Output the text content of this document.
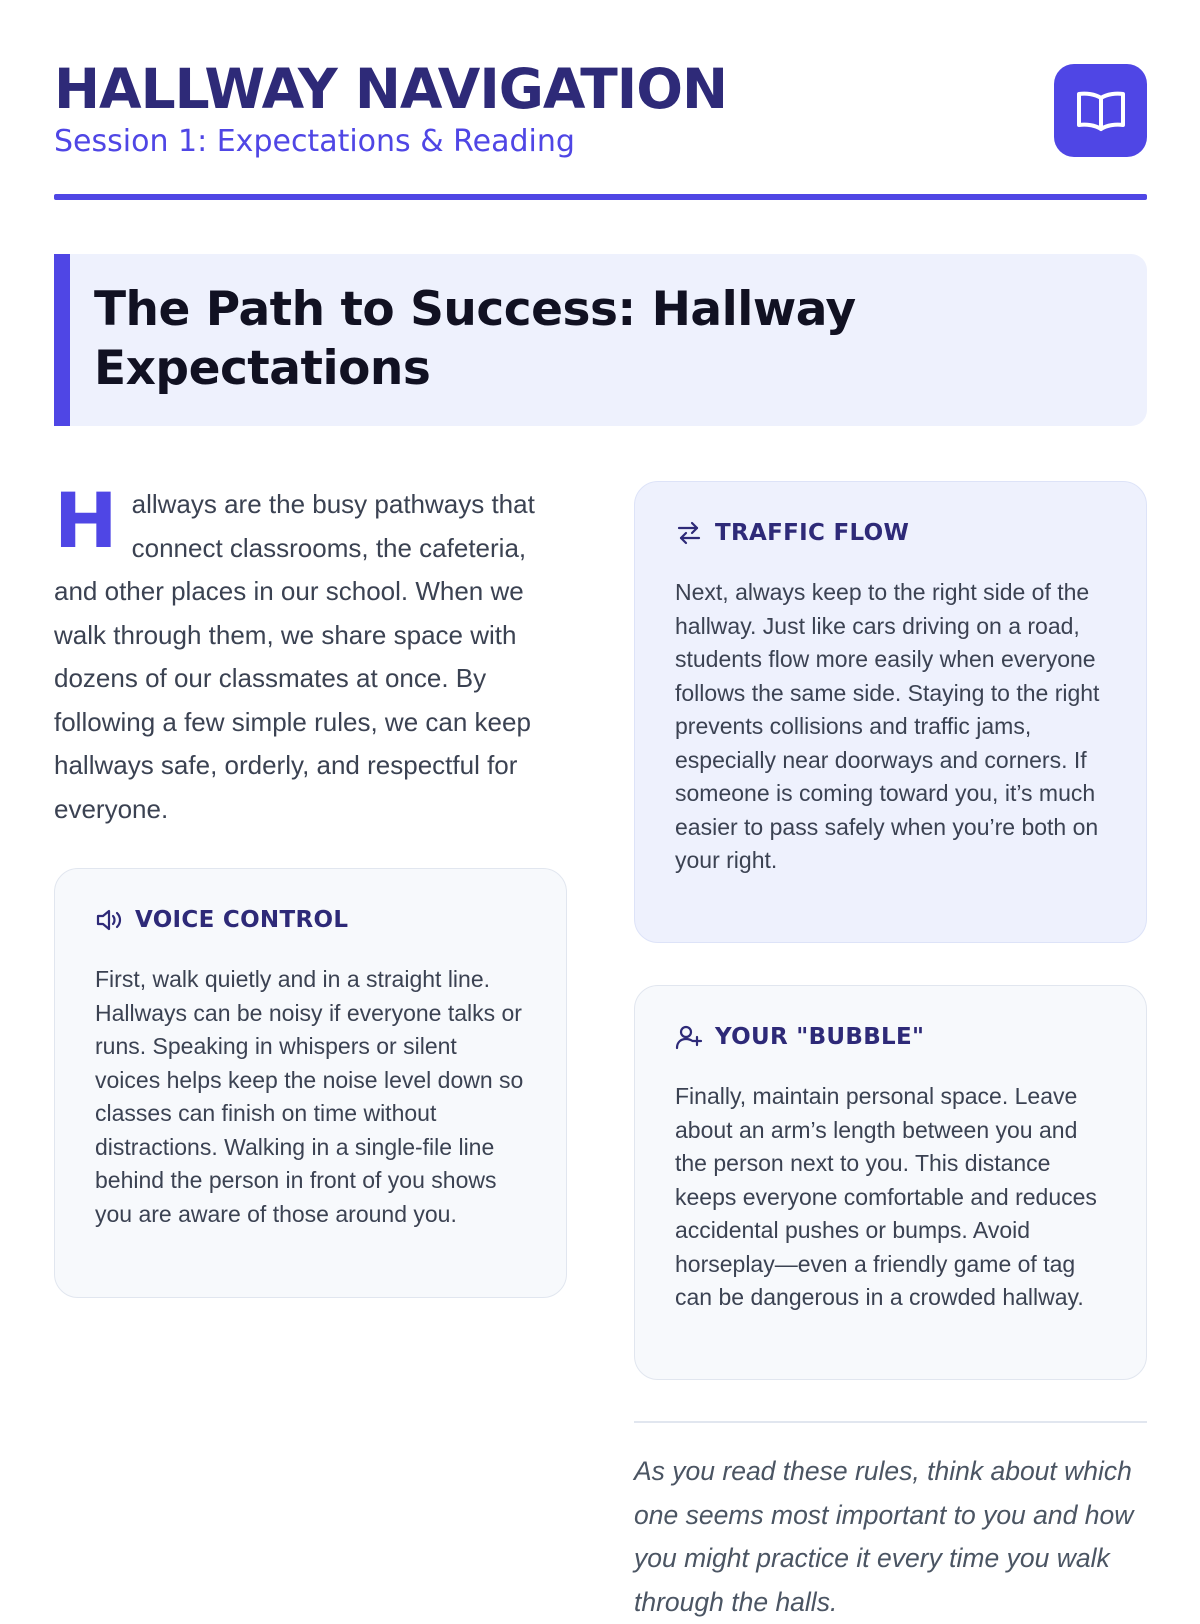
HALLWAY NAVIGATION
Session 1: Expectations & Reading
The Path to Success: Hallway Expectations
H allways are the busy pathways that connect classrooms, the cafeteria, and other places in our school. When we walk through them, we share space with dozens of our classmates at once. By following a few simple rules, we can keep hallways safe, orderly, and respectful for everyone.
VOICE CONTROL
First, walk quietly and in a straight line. Hallways can be noisy if everyone talks or runs. Speaking in whispers or silent voices helps keep the noise level down so classes can finish on time without distractions. Walking in a single-file line behind the person in front of you shows you are aware of those around you.
TRAFFIC FLOW
Next, always keep to the right side of the hallway. Just like cars driving on a road, students flow more easily when everyone follows the same side. Staying to the right prevents collisions and traffic jams, especially near doorways and corners. If someone is coming toward you, it’s much easier to pass safely when you’re both on your right.
YOUR "BUBBLE"
Finally, maintain personal space. Leave about an arm’s length between you and the person next to you. This distance keeps everyone comfortable and reduces accidental pushes or bumps. Avoid horseplay—even a friendly game of tag can be dangerous in a crowded hallway.
As you read these rules, think about which one seems most important to you and how you might practice it every time you walk through the halls.
